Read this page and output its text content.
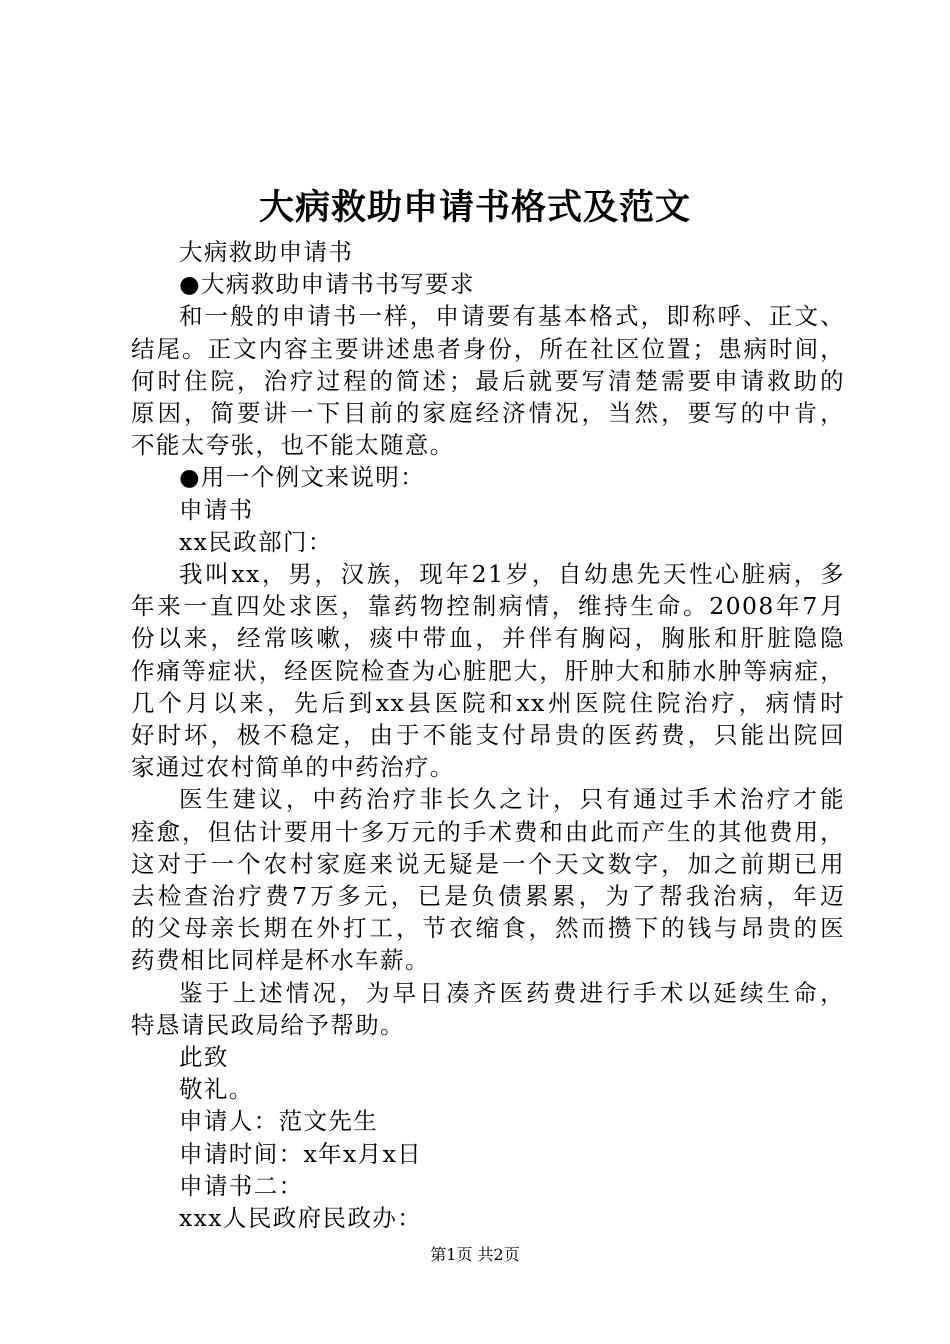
大病救助申请书格式及范文
大病救助申请书
●大病救助申请书书写要求
和一般的申请书一样，申请要有基本格式，即称呼、正文、
结尾。正文内容主要讲述患者身份，所在社区位置；患病时间，
何时住院，治疗过程的简述；最后就要写清楚需要申请救助的
原因，简要讲一下目前的家庭经济情况，当然，要写的中肯，
不能太夸张，也不能太随意。
●用一个例文来说明：
申请书
xx民政部门：
我叫xx，男，汉族，现年21岁，自幼患先天性心脏病，多
年来一直四处求医，靠药物控制病情，维持生命。2008年7月
份以来，经常咳嗽，痰中带血，并伴有胸闷，胸胀和肝脏隐隐
作痛等症状，经医院检查为心脏肥大，肝肿大和肺水肿等病症，
几个月以来，先后到xx县医院和xx州医院住院治疗，病情时
好时坏，极不稳定，由于不能支付昂贵的医药费，只能出院回
家通过农村简单的中药治疗。
医生建议，中药治疗非长久之计，只有通过手术治疗才能
痊愈，但估计要用十多万元的手术费和由此而产生的其他费用，
这对于一个农村家庭来说无疑是一个天文数字，加之前期已用
去检查治疗费7万多元，已是负债累累，为了帮我治病，年迈
的父母亲长期在外打工，节衣缩食，然而攒下的钱与昂贵的医
药费相比同样是杯水车薪。
鉴于上述情况，为早日凑齐医药费进行手术以延续生命，
特恳请民政局给予帮助。
此致
敬礼。
申请人：范文先生
申请时间：x年x月x日
申请书二：
xxx人民政府民政办：
第1页 共2页
